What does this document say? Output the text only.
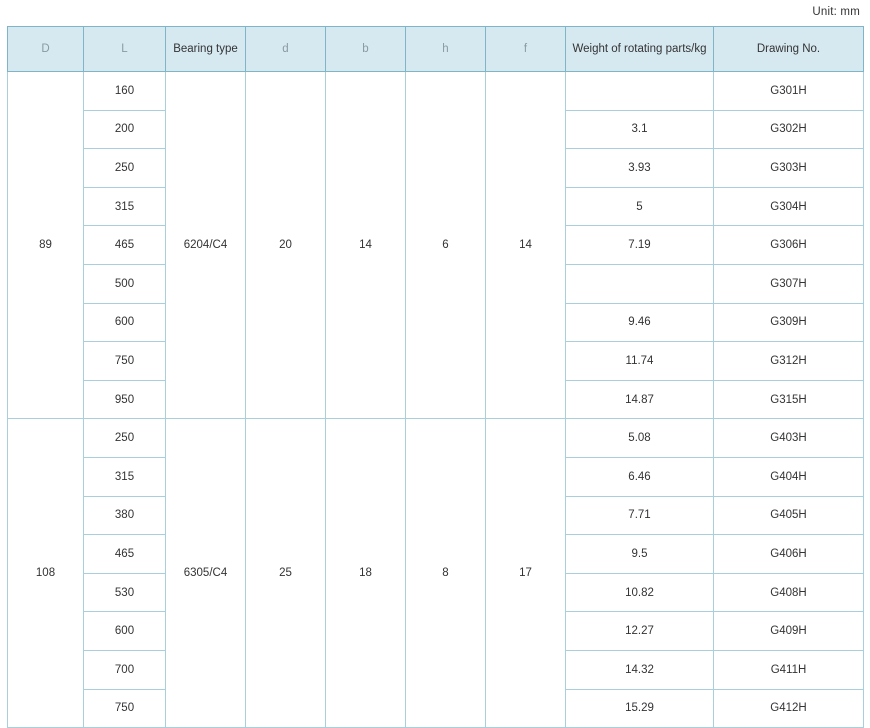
Unit: mm
D	L	Bearing type	d	b	h	f	Weight of rotating parts/kg	Drawing No.
89	160	6204/C4	20	14	6	14		G301H
	200						3.1	G302H
	250						3.93	G303H
	315						5	G304H
	465						7.19	G306H
	500							G307H
	600						9.46	G309H
	750						11.74	G312H
	950						14.87	G315H
108	250	6305/C4	25	18	8	17	5.08	G403H
	315						6.46	G404H
	380						7.71	G405H
	465						9.5	G406H
	530						10.82	G408H
	600						12.27	G409H
	700						14.32	G411H
	750						15.29	G412H
